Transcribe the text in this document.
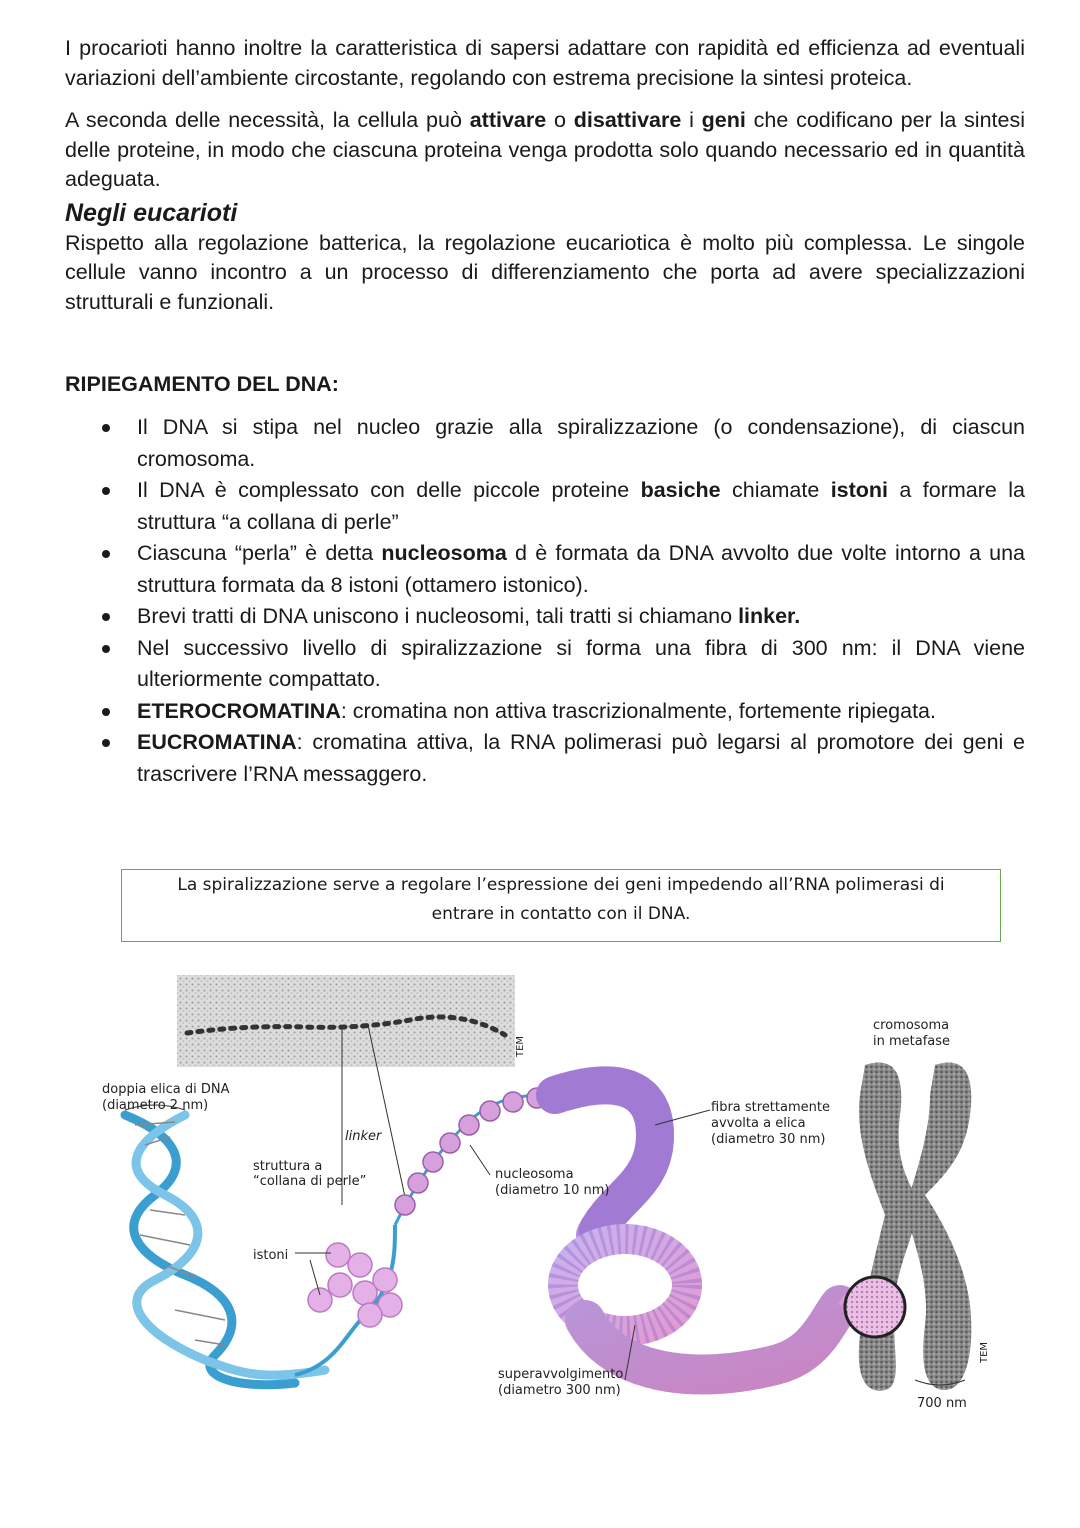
I procarioti hanno inoltre la caratteristica di sapersi adattare con rapidità ed efficienza ad eventuali variazioni dell’ambiente circostante, regolando con estrema precisione la sintesi proteica.

A seconda delle necessità, la cellula può attivare o disattivare i geni che codificano per la sintesi delle proteine, in modo che ciascuna proteina venga prodotta solo quando necessario ed in quantità adeguata.

Negli eucarioti

Rispetto alla regolazione batterica, la regolazione eucariotica è molto più complessa. Le singole cellule vanno incontro a un processo di differenziamento che porta ad avere specializzazioni strutturali e funzionali.

RIPIEGAMENTO DEL DNA:
Il DNA si stipa nel nucleo grazie alla spiralizzazione (o condensazione), di ciascun cromosoma.
Il DNA è complessato con delle piccole proteine basiche chiamate istoni a formare la struttura “a collana di perle”
Ciascuna “perla” è detta nucleosoma d è formata da DNA avvolto due volte intorno a una struttura formata da 8 istoni (ottamero istonico).
Brevi tratti di DNA uniscono i nucleosomi, tali tratti si chiamano linker.
Nel successivo livello di spiralizzazione si forma una fibra di 300 nm: il DNA viene ulteriormente compattato.
ETEROCROMATINA: cromatina non attiva trascrizionalmente, fortemente ripiegata.
EUCROMATINA: cromatina attiva, la RNA polimerasi può legarsi al promotore dei geni e trascrivere l’RNA messaggero.
La spiralizzazione serve a regolare l’espressione dei geni impedendo all’RNA polimerasi di
entrare in contatto con il DNA.
TEM
TEM
doppia elica di DNA
(diametro 2 nm)
linker
struttura a
“collana di perle”
istoni
nucleosoma
(diametro 10 nm)
fibra strettamente
avvolta a elica
(diametro 30 nm)
cromosoma
in metafase
superavvolgimento
(diametro 300 nm)
700 nm
